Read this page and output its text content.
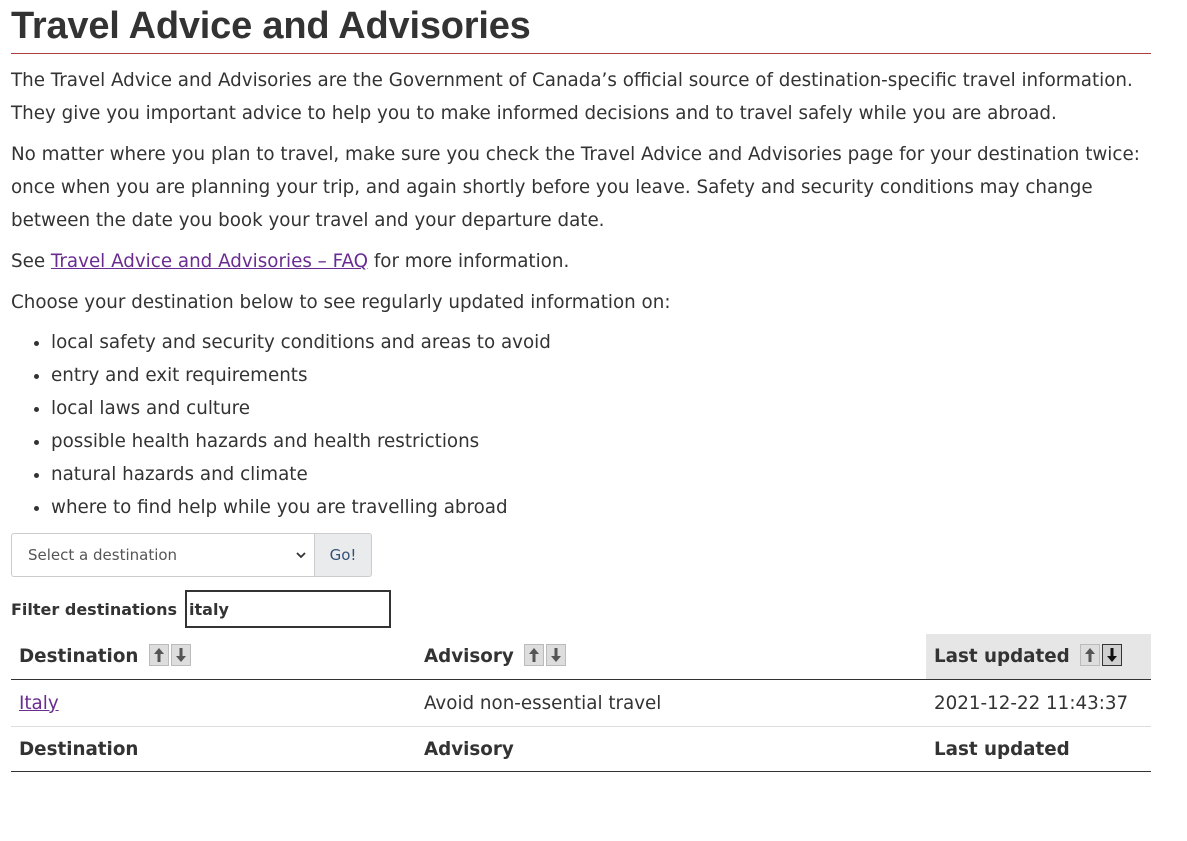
Travel Advice and Advisories

The Travel Advice and Advisories are the Government of Canada’s official source of destination-specific travel information. They give you important advice to help you to make informed decisions and to travel safely while you are abroad.

No matter where you plan to travel, make sure you check the Travel Advice and Advisories page for your destination twice: once when you are planning your trip, and again shortly before you leave. Safety and security conditions may change between the date you book your travel and your departure date.

See Travel Advice and Advisories – FAQ for more information.

Choose your destination below to see regularly updated information on:

• local safety and security conditions and areas to avoid
• entry and exit requirements
• local laws and culture
• possible health hazards and health restrictions
• natural hazards and climate
• where to find help while you are travelling abroad
Select a destination	Go!
Filter destinations italy
Destination	Advisory	Last updated

Italy	Avoid non-essential travel	2021-12-22 11:43:37
Destination	Advisory	Last updated
